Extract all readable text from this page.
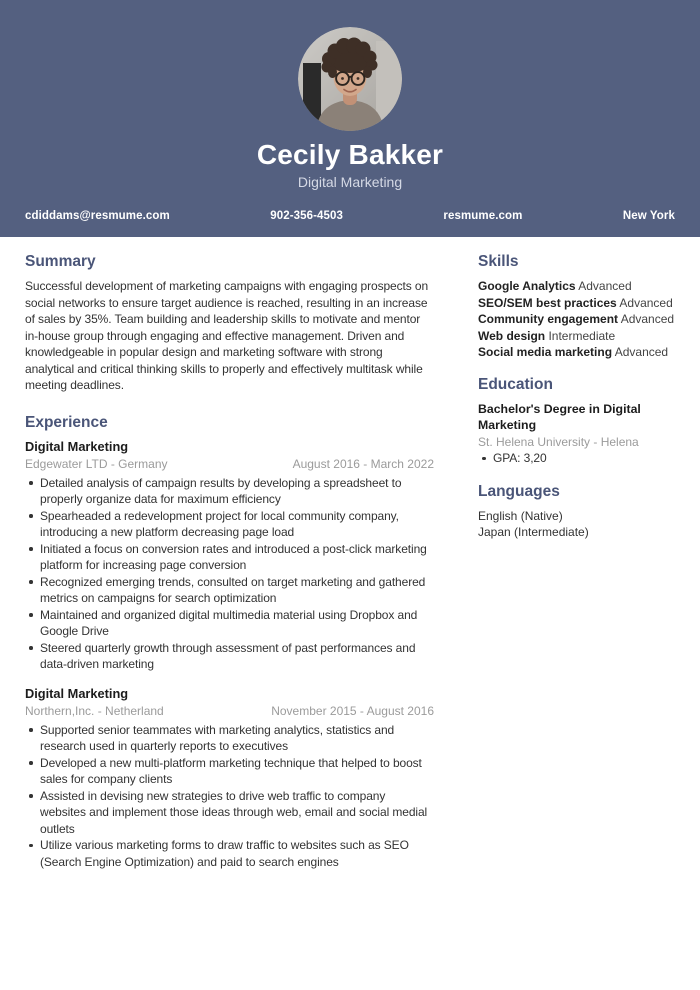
Cecily Bakker
Digital Marketing
cdiddams@resmume.com	902-356-4503	resmume.com	New York
Summary

Successful development of marketing campaigns with engaging prospects on social networks to ensure target audience is reached, resulting in an increase of sales by 35%. Team building and leadership skills to motivate and mentor in-house group through engaging and effective management. Driven and knowledgeable in popular design and marketing software with strong analytical and critical thinking skills to properly and effectively multitask while meeting deadlines.

Experience
Digital Marketing
Edgewater LTD - Germany	August 2016 - March 2022
Detailed analysis of campaign results by developing a spreadsheet to properly organize data for maximum efficiency
Spearheaded a redevelopment project for local community company, introducing a new platform decreasing page load
Initiated a focus on conversion rates and introduced a post-click marketing platform for increasing page conversion
Recognized emerging trends, consulted on target marketing and gathered metrics on campaigns for search optimization
Maintained and organized digital multimedia material using Dropbox and Google Drive
Steered quarterly growth through assessment of past performances and data-driven marketing
Digital Marketing
Northern,Inc. - Netherland	November 2015 - August 2016
Supported senior teammates with marketing analytics, statistics and research used in quarterly reports to executives
Developed a new multi-platform marketing technique that helped to boost sales for company clients
Assisted in devising new strategies to drive web traffic to company websites and implement those ideas through web, email and social medial outlets
Utilize various marketing forms to draw traffic to websites such as SEO (Search Engine Optimization) and paid to search engines
Skills
Google Analytics Advanced
SEO/SEM best practices Advanced
Community engagement Advanced
Web design Intermediate
Social media marketing Advanced
Education
Bachelor's Degree in Digital Marketing
St. Helena University - Helena
GPA: 3,20
Languages
English (Native)
Japan (Intermediate)
